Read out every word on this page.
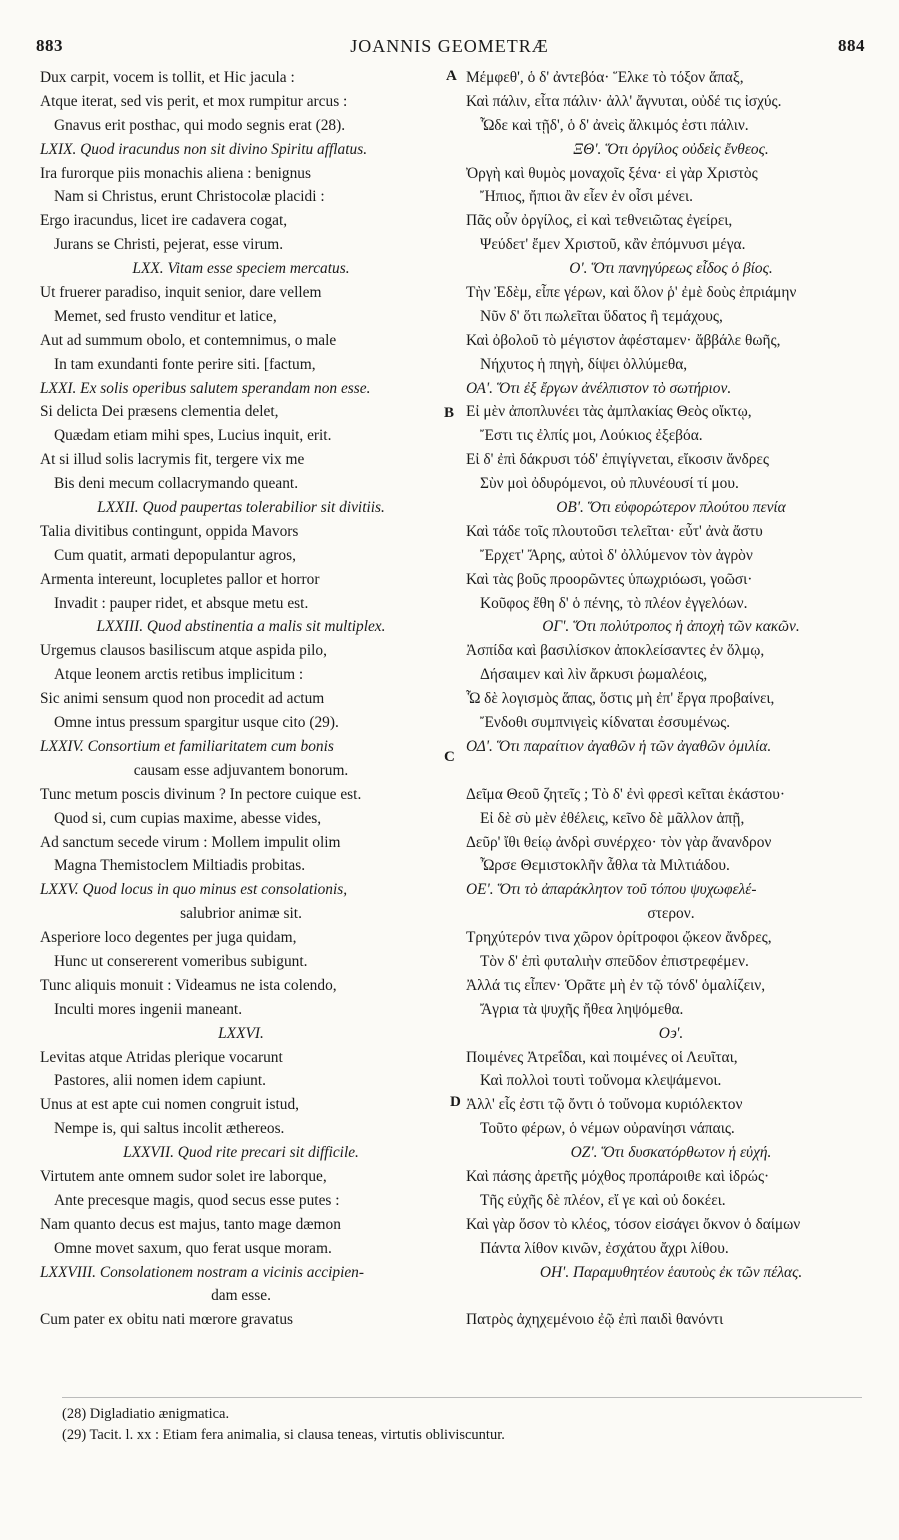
883	JOANNIS GEOMETRÆ	884
Dux carpit, vocem is tollit, et Hic jacula :
Atque iterat, sed vis perit, et mox rumpitur arcus :
Gnavus erit posthac, qui modo segnis erat (28).
LXIX. Quod iracundus non sit divino Spiritu afflatus.
Ira furorque piis monachis aliena : benignus
Nam si Christus, erunt Christocolæ placidi :
Ergo iracundus, licet ire cadavera cogat,
Jurans se Christi, pejerat, esse virum.
LXX. Vitam esse speciem mercatus.
Ut fruerer paradiso, inquit senior, dare vellem
Memet, sed frusto venditur et latice,
Aut ad summum obolo, et contemnimus, o male
In tam exundanti fonte perire siti. [factum,
LXXI. Ex solis operibus salutem sperandam non esse.
Si delicta Dei præsens clementia delet,
Quædam etiam mihi spes, Lucius inquit, erit.
At si illud solis lacrymis fit, tergere vix me
Bis deni mecum collacrymando queant.
LXXII. Quod paupertas tolerabilior sit divitiis.
Talia divitibus contingunt, oppida Mavors
Cum quatit, armati depopulantur agros,
Armenta intereunt, locupletes pallor et horror
Invadit : pauper ridet, et absque metu est.
LXXIII. Quod abstinentia a malis sit multiplex.
Urgemus clausos basiliscum atque aspida pilo,
Atque leonem arctis retibus implicitum :
Sic animi sensum quod non procedit ad actum
Omne intus pressum spargitur usque cito (29).
LXXIV. Consortium et familiaritatem cum bonis
causam esse adjuvantem bonorum.
Tunc metum poscis divinum ? In pectore cuique est.
Quod si, cum cupias maxime, abesse vides,
Ad sanctum secede virum : Mollem impulit olim
Magna Themistoclem Miltiadis probitas.
LXXV. Quod locus in quo minus est consolationis,
salubrior animæ sit.
Asperiore loco degentes per juga quidam,
Hunc ut consererent vomeribus subigunt.
Tunc aliquis monuit : Videamus ne ista colendo,
Inculti mores ingenii maneant.
LXXVI.
Levitas atque Atridas plerique vocarunt
Pastores, alii nomen idem capiunt.
Unus at est apte cui nomen congruit istud,
Nempe is, qui saltus incolit æthereos.
LXXVII. Quod rite precari sit difficile.
Virtutem ante omnem sudor solet ire laborque,
Ante precesque magis, quod secus esse putes :
Nam quanto decus est majus, tanto mage dæmon
Omne movet saxum, quo ferat usque moram.
LXXVIII. Consolationem nostram a vicinis accipien-
dam esse.
Cum pater ex obitu nati mœrore gravatus
Μέμφεθ', ὁ δ' ἀντεβόα· Ἕλκε τὸ τόξον ἅπαξ,
Καὶ πάλιν, εἶτα πάλιν· ἀλλ' ἄγνυται, οὐδέ τις ἰσχύς.
Ὧδε καὶ τῇδ', ὁ δ' ἀνεὶς ἄλκιμός ἐστι πάλιν.
ΞΘ'. Ὅτι ὀργίλος οὐδεὶς ἔνθεος.
Ὀργὴ καὶ θυμὸς μοναχοῖς ξένα· εἰ γὰρ Χριστὸς
Ἤπιος, ἤπιοι ἂν εἶεν ἐν οἷσι μένει.
Πᾶς οὖν ὀργίλος, εἰ καὶ τεθνειῶτας ἐγείρει,
Ψεύδετ' ἔμεν Χριστοῦ, κἂν ἐπόμνυσι μέγα.
Ο'. Ὅτι πανηγύρεως εἶδος ὁ βίος.
Τὴν Ἐδὲμ, εἶπε γέρων, καὶ ὅλον ῥ' ἐμὲ δοὺς ἐπριάμην
Νῦν δ' ὅτι πωλεῖται ὕδατος ἢ τεμάχους,
Καὶ ὀβολοῦ τὸ μέγιστον ἀφέσταμεν· ἄββάλε θωῆς,
Νήχυτος ἡ πηγὴ, δίψει ὀλλύμεθα,
ΟΑ'. Ὅτι ἐξ ἔργων ἀνέλπιστον τὸ σωτήριον.
Εἰ μὲν ἀποπλυνέει τὰς ἀμπλακίας Θεὸς οἴκτῳ,
Ἔστι τις ἐλπίς μοι, Λούκιος ἐξεβόα.
Εἰ δ' ἐπὶ δάκρυσι τόδ' ἐπιγίγνεται, εἴκοσιν ἄνδρες
Σὺν μοὶ ὀδυρόμενοι, οὐ πλυνέουσί τί μου.
ΟΒ'. Ὅτι εὐφορώτερον πλούτου πενία
Καὶ τάδε τοῖς πλουτοῦσι τελεῖται· εὖτ' ἀνὰ ἄστυ
Ἔρχετ' Ἄρης, αὐτοὶ δ' ὀλλύμενον τὸν ἀγρὸν
Καὶ τὰς βοῦς προορῶντες ὑπωχριόωσι, γοῶσι·
Κοῦφος ἔθη δ' ὁ πένης, τὸ πλέον ἐγγελόων.
ΟΓ'. Ὅτι πολύτροπος ἡ ἀποχὴ τῶν κακῶν.
Ἀσπίδα καὶ βασιλίσκον ἀποκλείσαντες ἐν ὅλμῳ,
Δήσαιμεν καὶ λὶν ἄρκυσι ῥωμαλέοις,
Ὧ δὲ λογισμὸς ἅπας, ὅστις μὴ ἐπ' ἔργα προβαίνει,
Ἔνδοθι συμπνιγεὶς κίδναται ἐσσυμένως.
ΟΔ'. Ὅτι παραίτιον ἀγαθῶν ἡ τῶν ἀγαθῶν ὁμιλία.
Δεῖμα Θεοῦ ζητεῖς ; Τὸ δ' ἐνὶ φρεσὶ κεῖται ἑκάστου·
Εἰ δὲ σὺ μὲν ἐθέλεις, κεῖνο δὲ μᾶλλον ἀπῇ,
Δεῦρ' ἴθι θείῳ ἀνδρὶ συνέρχεο· τὸν γὰρ ἄνανδρον
Ὦρσε Θεμιστοκλῆν ἆθλα τὰ Μιλτιάδου.
ΟΕ'. Ὅτι τὸ ἀπαράκλητον τοῦ τόπου ψυχωφελέ-
στερον.
Τρηχύτερόν τινα χῶρον ὀρίτροφοι ᾤκεον ἄνδρες,
Τὸν δ' ἐπὶ φυταλιὴν σπεῦδον ἐπιστρεφέμεν.
Ἀλλά τις εἶπεν· Ὁρᾶτε μὴ ἐν τῷ τόνδ' ὁμαλίζειν,
Ἄγρια τὰ ψυχῆς ἤθεα ληψόμεθα.
Ο϶'.
Ποιμένες Ἀτρεΐδαι, καὶ ποιμένες οἱ Λευῖται,
Καὶ πολλοὶ τουτὶ τοὔνομα κλεψάμενοι.
Ἀλλ' εἷς ἐστι τῷ ὄντι ὁ τοὔνομα κυριόλεκτον
Τοῦτο φέρων, ὁ νέμων οὐρανίησι νάπαις.
ΟΖ'. Ὅτι δυσκατόρθωτον ἡ εὐχή.
Καὶ πάσης ἀρετῆς μόχθος προπάροιθε καὶ ἱδρώς·
Τῆς εὐχῆς δὲ πλέον, εἴ γε καὶ οὐ δοκέει.
Καὶ γὰρ ὅσον τὸ κλέος, τόσον εἰσάγει ὄκνον ὁ δαίμων
Πάντα λίθον κινῶν, ἐσχάτου ἄχρι λίθου.
ΟΗ'. Παραμυθητέον ἑαυτοὺς ἐκ τῶν πέλας.
Πατρὸς ἀχηχεμένοιο ἐῷ ἐπὶ παιδὶ θανόντι
A
B
C
D
(28) Digladiatio ænigmatica.
(29) Tacit. l. xx : Etiam fera animalia, si clausa teneas, virtutis obliviscuntur.
